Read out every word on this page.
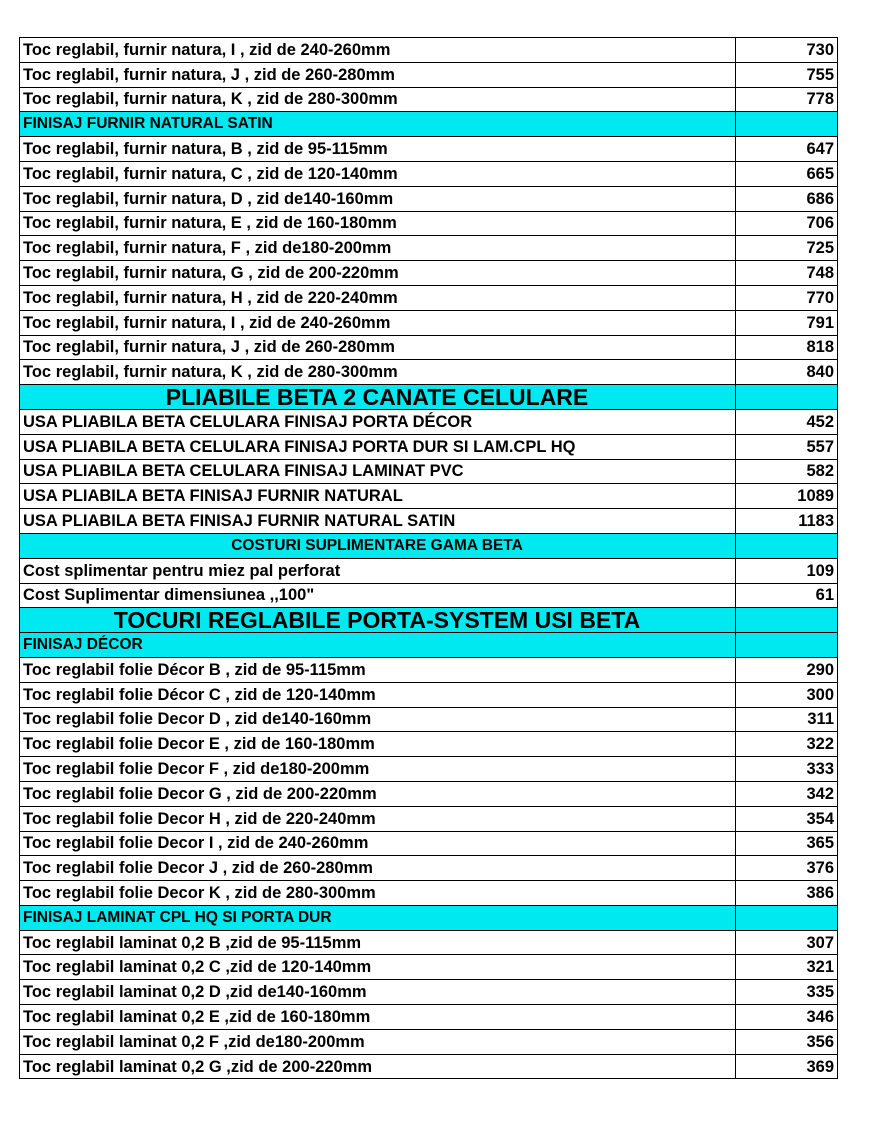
Toc reglabil, furnir natura, I , zid de 240-260mm	730
Toc reglabil, furnir natura, J , zid de 260-280mm	755
Toc reglabil, furnir natura, K , zid de 280-300mm	778
FINISAJ FURNIR NATURAL SATIN	
Toc reglabil, furnir natura, B , zid de 95-115mm	647
Toc reglabil, furnir natura, C , zid de 120-140mm	665
Toc reglabil, furnir natura, D , zid de140-160mm	686
Toc reglabil, furnir natura, E , zid de 160-180mm	706
Toc reglabil, furnir natura, F , zid de180-200mm	725
Toc reglabil, furnir natura, G , zid de 200-220mm	748
Toc reglabil, furnir natura, H , zid de 220-240mm	770
Toc reglabil, furnir natura, I , zid de 240-260mm	791
Toc reglabil, furnir natura, J , zid de 260-280mm	818
Toc reglabil, furnir natura, K , zid de 280-300mm	840
PLIABILE BETA 2 CANATE CELULARE	
USA PLIABILA BETA CELULARA FINISAJ PORTA DÉCOR	452
USA PLIABILA BETA CELULARA FINISAJ PORTA DUR SI LAM.CPL HQ	557
USA PLIABILA BETA CELULARA FINISAJ LAMINAT PVC	582
USA PLIABILA BETA FINISAJ FURNIR NATURAL	1089
USA PLIABILA BETA FINISAJ FURNIR NATURAL SATIN	1183
COSTURI SUPLIMENTARE GAMA BETA	
Cost splimentar pentru miez pal perforat	109
Cost Suplimentar dimensiunea ,,100"	61
TOCURI REGLABILE PORTA-SYSTEM USI BETA	
FINISAJ DÉCOR	
Toc reglabil folie Décor B , zid de 95-115mm	290
Toc reglabil folie Décor C , zid de 120-140mm	300
Toc reglabil folie Decor D , zid de140-160mm	311
Toc reglabil folie Decor E , zid de 160-180mm	322
Toc reglabil folie Decor F , zid de180-200mm	333
Toc reglabil folie Decor G , zid de 200-220mm	342
Toc reglabil folie Decor H , zid de 220-240mm	354
Toc reglabil folie Decor I , zid de 240-260mm	365
Toc reglabil folie Decor J , zid de 260-280mm	376
Toc reglabil folie Decor K , zid de 280-300mm	386
FINISAJ LAMINAT CPL HQ SI PORTA DUR	
Toc reglabil laminat 0,2 B ,zid de 95-115mm	307
Toc reglabil laminat 0,2 C ,zid de 120-140mm	321
Toc reglabil laminat 0,2 D ,zid de140-160mm	335
Toc reglabil laminat 0,2 E ,zid de 160-180mm	346
Toc reglabil laminat 0,2 F ,zid de180-200mm	356
Toc reglabil laminat 0,2 G ,zid de 200-220mm	369
